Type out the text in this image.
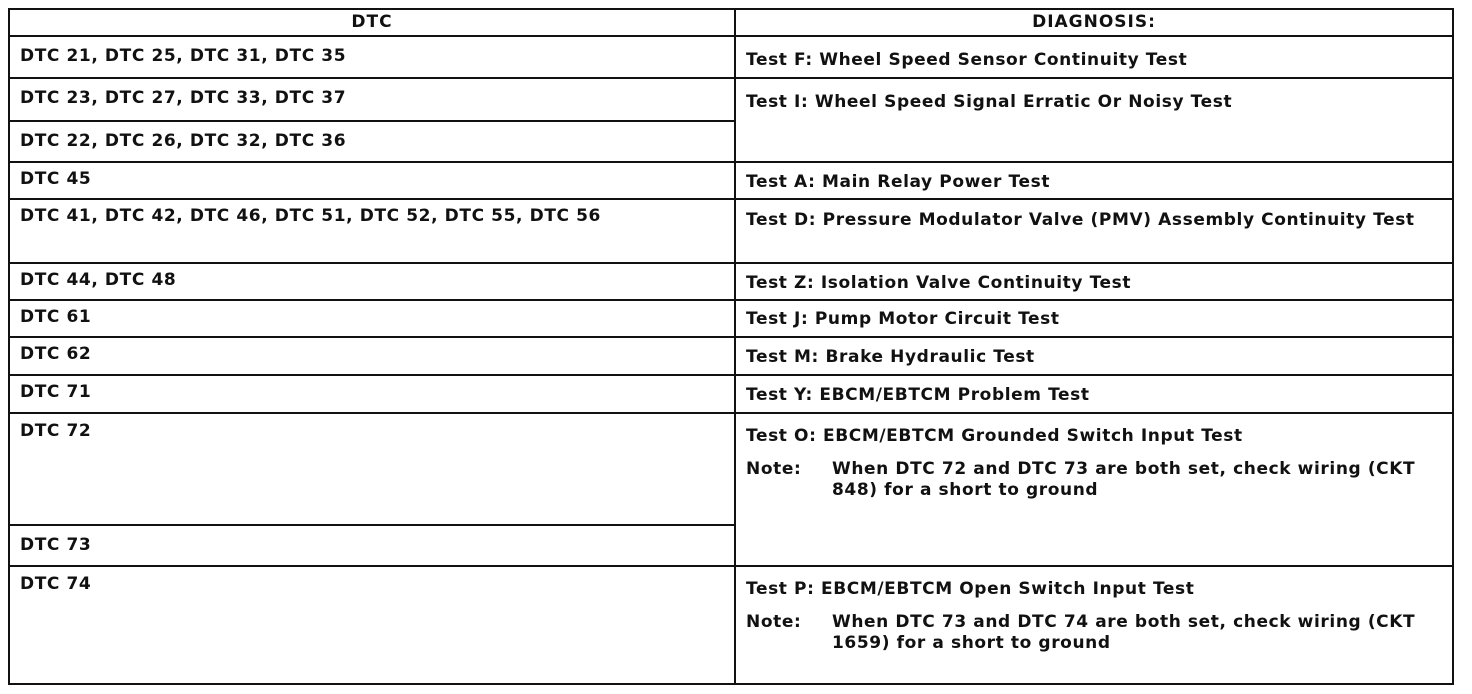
DTC	DIAGNOSIS:
DTC 21, DTC 25, DTC 31, DTC 35	Test F: Wheel Speed Sensor Continuity Test
DTC 23, DTC 27, DTC 33, DTC 37	Test I: Wheel Speed Signal Erratic Or Noisy Test
DTC 22, DTC 26, DTC 32, DTC 36	
DTC 45	Test A: Main Relay Power Test
DTC 41, DTC 42, DTC 46, DTC 51, DTC 52, DTC 55, DTC 56	Test D: Pressure Modulator Valve (PMV) Assembly Continuity Test

DTC 44, DTC 48	Test Z: Isolation Valve Continuity Test
DTC 61	Test J: Pump Motor Circuit Test
DTC 62	Test M: Brake Hydraulic Test
DTC 71	Test Y: EBCM/EBTCM Problem Test
DTC 72	Test O: EBCM/EBTCM Grounded Switch Input Test
Note: When DTC 72 and DTC 73 are both set, check wiring (CKT 848) for a short to ground

DTC 73	
DTC 74	Test P: EBCM/EBTCM Open Switch Input Test
Note: When DTC 73 and DTC 74 are both set, check wiring (CKT 1659) for a short to ground
